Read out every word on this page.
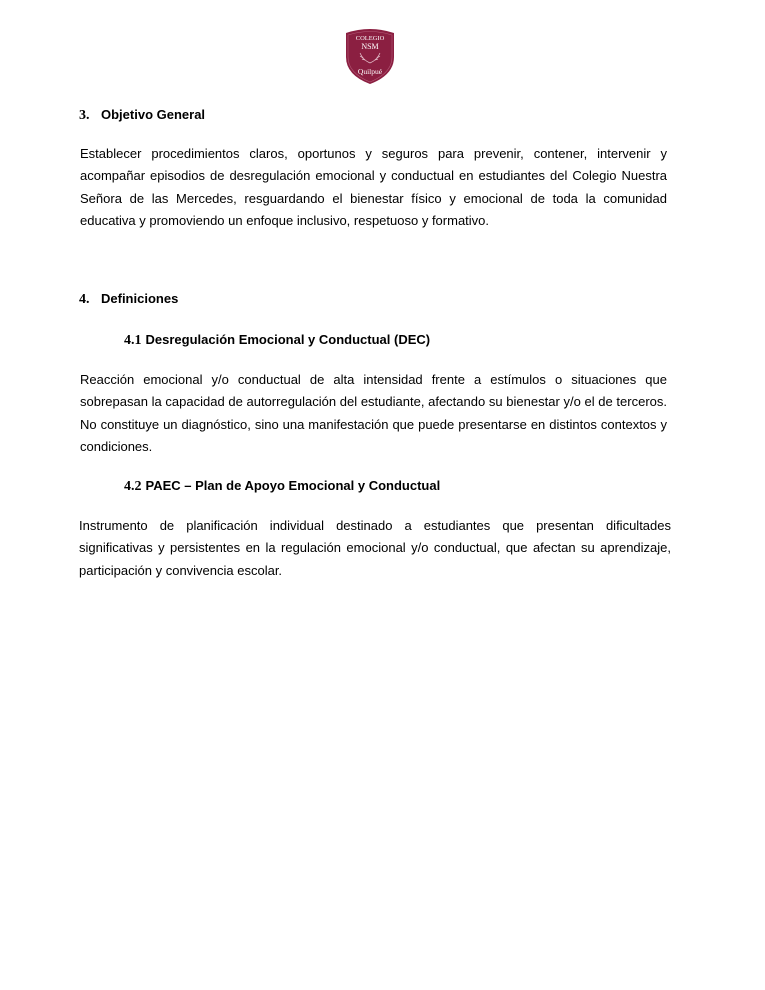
COLEGIO
NSM
Quilpué
3. Objetivo General
Establecer procedimientos claros, oportunos y seguros para prevenir, contener, intervenir y acompañar episodios de desregulación emocional y conductual en estudiantes del Colegio Nuestra Señora de las Mercedes, resguardando el bienestar físico y emocional de toda la comunidad educativa y promoviendo un enfoque inclusivo, respetuoso y formativo.
4. Definiciones
4.1 Desregulación Emocional y Conductual (DEC)
Reacción emocional y/o conductual de alta intensidad frente a estímulos o situaciones que sobrepasan la capacidad de autorregulación del estudiante, afectando su bienestar y/o el de terceros. No constituye un diagnóstico, sino una manifestación que puede presentarse en distintos contextos y condiciones.
4.2 PAEC – Plan de Apoyo Emocional y Conductual
Instrumento de planificación individual destinado a estudiantes que presentan dificultades significativas y persistentes en la regulación emocional y/o conductual, que afectan su aprendizaje, participación y convivencia escolar.
